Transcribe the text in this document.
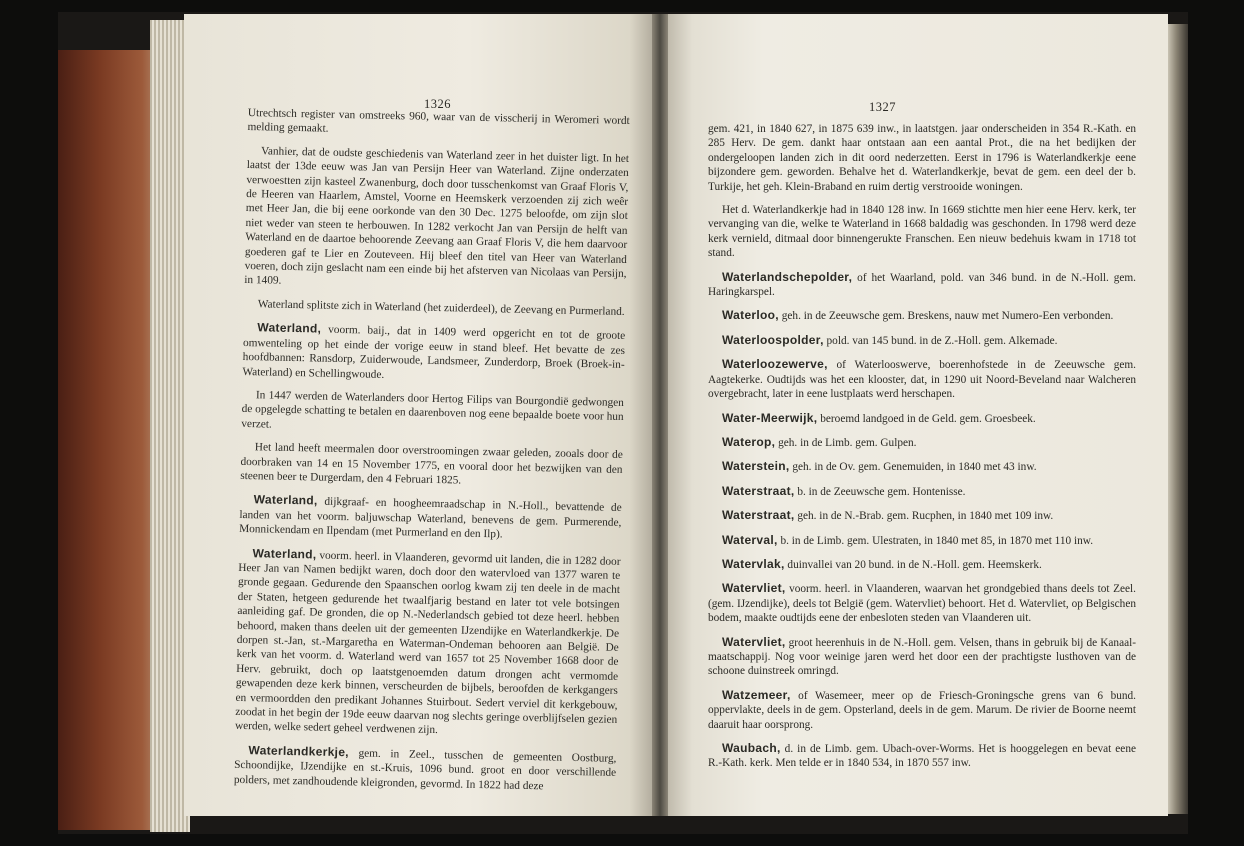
1326	1327

Utrechtsch register van omstreeks 960, waar van de visscherij in Weromeri wordt melding gemaakt.

Vanhier, dat de oudste geschiedenis van Waterland zeer in het duister ligt. In het laatst der 13de eeuw was Jan van Persijn Heer van Waterland. Zijne onderzaten verwoestten zijn kasteel Zwanenburg, doch door tusschenkomst van Graaf Floris V, de Heeren van Haarlem, Amstel, Voorne en Heemskerk verzoenden zij zich weêr met Heer Jan, die bij eene oorkonde van den 30 Dec. 1275 beloofde, om zijn slot niet weder van steen te herbouwen. In 1282 verkocht Jan van Persijn de helft van Waterland en de daartoe behoorende Zeevang aan Graaf Floris V, die hem daarvoor goederen gaf te Lier en Zouteveen. Hij bleef den titel van Heer van Waterland voeren, doch zijn geslacht nam een einde bij het afsterven van Nicolaas van Persijn, in 1409.

Waterland splitste zich in Waterland (het zuiderdeel), de Zeevang en Purmerland.

Waterland, voorm. baij., dat in 1409 werd opgericht en tot de groote omwenteling op het einde der vorige eeuw in stand bleef. Het bevatte de zes hoofdbannen: Ransdorp, Zuiderwoude, Landsmeer, Zunderdorp, Broek (Broek-in-Waterland) en Schellingwoude.

In 1447 werden de Waterlanders door Hertog Filips van Bourgondië gedwongen de opgelegde schatting te betalen en daarenboven nog eene bepaalde boete voor hun verzet.

Het land heeft meermalen door overstroomingen zwaar geleden, zooals door de doorbraken van 14 en 15 November 1775, en vooral door het bezwijken van den steenen beer te Durgerdam, den 4 Februari 1825.

Waterland, dijkgraaf- en hoogheemraadschap in N.-Holl., bevattende de landen van het voorm. baljuwschap Waterland, benevens de gem. Purmerende, Monnickendam en Ilpendam (met Purmerland en den Ilp).

Waterland, voorm. heerl. in Vlaanderen, gevormd uit landen, die in 1282 door Heer Jan van Namen bedijkt waren, doch door den watervloed van 1377 waren te gronde gegaan. Gedurende den Spaanschen oorlog kwam zij ten deele in de macht der Staten, hetgeen gedurende het twaalfjarig bestand en later tot vele botsingen aanleiding gaf. De gronden, die op N.-Nederlandsch gebied tot deze heerl. hebben behoord, maken thans deelen uit der gemeenten IJzendijke en Waterlandkerkje. De dorpen st.-Jan, st.-Margaretha en Waterman-Ondeman behooren aan België. De kerk van het voorm. d. Waterland werd van 1657 tot 25 November 1668 door de Herv. gebruikt, doch op laatstgenoemden datum drongen acht vermomde gewapenden deze kerk binnen, verscheurden de bijbels, beroofden de kerkgangers en vermoordden den predikant Johannes Stuirbout. Sedert verviel dit kerkgebouw, zoodat in het begin der 19de eeuw daarvan nog slechts geringe overblijfselen gezien werden, welke sedert geheel verdwenen zijn.

Waterlandkerkje, gem. in Zeel., tusschen de gemeenten Oostburg, Schoondijke, IJzendijke en st.-Kruis, 1096 bund. groot en door verschillende polders, met zandhoudende kleigronden, gevormd. In 1822 had deze

gem. 421, in 1840 627, in 1875 639 inw., in laatstgen. jaar onderscheiden in 354 R.-Kath. en 285 Herv. De gem. dankt haar ontstaan aan een aantal Prot., die na het bedijken der ondergeloopen landen zich in dit oord nederzetten. Eerst in 1796 is Waterlandkerkje eene bijzondere gem. geworden. Behalve het d. Waterlandkerkje, bevat de gem. een deel der b. Turkije, het geh. Klein-Braband en ruim dertig verstrooide woningen.

Het d. Waterlandkerkje had in 1840 128 inw. In 1669 stichtte men hier eene Herv. kerk, ter vervanging van die, welke te Waterland in 1668 baldadig was geschonden. In 1798 werd deze kerk vernield, ditmaal door binnengerukte Franschen. Een nieuw bedehuis kwam in 1718 tot stand.

Waterlandschepolder, of het Waarland, pold. van 346 bund. in de N.-Holl. gem. Haringkarspel.

Waterloo, geh. in de Zeeuwsche gem. Breskens, nauw met Numero-Een verbonden.

Waterloospolder, pold. van 145 bund. in de Z.-Holl. gem. Alkemade.

Waterloozewerve, of Waterlooswerve, boerenhofstede in de Zeeuwsche gem. Aagtekerke. Oudtijds was het een klooster, dat, in 1290 uit Noord-Beveland naar Walcheren overgebracht, later in eene lustplaats werd herschapen.

Water-Meerwijk, beroemd landgoed in de Geld. gem. Groesbeek.

Waterop, geh. in de Limb. gem. Gulpen.

Waterstein, geh. in de Ov. gem. Genemuiden, in 1840 met 43 inw.

Waterstraat, b. in de Zeeuwsche gem. Hontenisse.

Waterstraat, geh. in de N.-Brab. gem. Rucphen, in 1840 met 109 inw.

Waterval, b. in de Limb. gem. Ulestraten, in 1840 met 85, in 1870 met 110 inw.

Watervlak, duinvallei van 20 bund. in de N.-Holl. gem. Heemskerk.

Watervliet, voorm. heerl. in Vlaanderen, waarvan het grondgebied thans deels tot Zeel. (gem. IJzendijke), deels tot België (gem. Watervliet) behoort. Het d. Watervliet, op Belgischen bodem, maakte oudtijds eene der enbesloten steden van Vlaanderen uit.

Watervliet, groot heerenhuis in de N.-Holl. gem. Velsen, thans in gebruik bij de Kanaal-maatschappij. Nog voor weinige jaren werd het door een der prachtigste lusthoven van de schoone duinstreek omringd.

Watzemeer, of Wasemeer, meer op de Friesch-Groningsche grens van 6 bund. oppervlakte, deels in de gem. Opsterland, deels in de gem. Marum. De rivier de Boorne neemt daaruit haar oorsprong.

Waubach, d. in de Limb. gem. Ubach-over-Worms. Het is hooggelegen en bevat eene R.-Kath. kerk. Men telde er in 1840 534, in 1870 557 inw.
